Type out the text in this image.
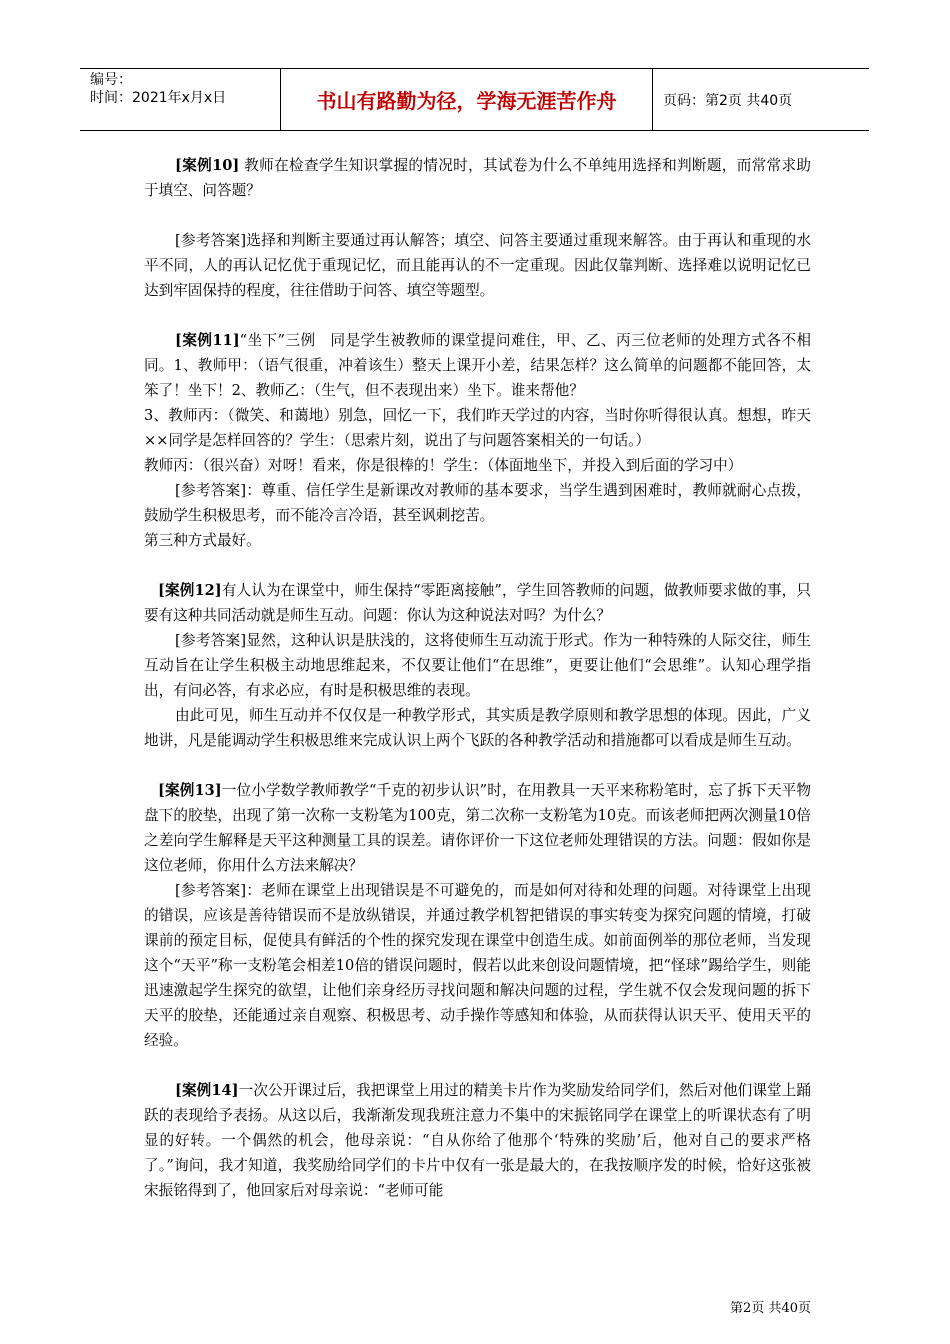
编号：
时间：2021年x月x日	书山有路勤为径，学海无涯苦作舟	页码：第2页 共40页

[案例10] 教师在检查学生知识掌握的情况时，其试卷为什么不单纯用选择和判断题，而常常求助于填空、问答题？

[参考答案]选择和判断主要通过再认解答；填空、问答主要通过重现来解答。由于再认和重现的水平不同，人的再认记忆优于重现记忆，而且能再认的不一定重现。因此仅靠判断、选择难以说明记忆已达到牢固保持的程度，往往借助于问答、填空等题型。

[案例11]“坐下”三例　同是学生被教师的课堂提问难住，甲、乙、丙三位老师的处理方式各不相同。1、教师甲：（语气很重，冲着该生）整天上课开小差，结果怎样？这么简单的问题都不能回答，太笨了！坐下！2、教师乙：（生气，但不表现出来）坐下。谁来帮他？

3、教师丙：（微笑、和蔼地）别急，回忆一下，我们昨天学过的内容，当时你听得很认真。想想，昨天××同学是怎样回答的？学生：（思索片刻，说出了与问题答案相关的一句话。）

教师丙：（很兴奋）对呀！看来，你是很棒的！学生：（体面地坐下，并投入到后面的学习中）

[参考答案]：尊重、信任学生是新课改对教师的基本要求，当学生遇到困难时，教师就耐心点拨，鼓励学生积极思考，而不能冷言冷语，甚至讽刺挖苦。

第三种方式最好。

[案例12]有人认为在课堂中，师生保持“零距离接触”，学生回答教师的问题，做教师要求做的事，只要有这种共同活动就是师生互动。问题：你认为这种说法对吗？为什么？

[参考答案]显然，这种认识是肤浅的，这将使师生互动流于形式。作为一种特殊的人际交往，师生互动旨在让学生积极主动地思维起来，不仅要让他们“在思维”，更要让他们“会思维”。认知心理学指出，有问必答，有求必应，有时是积极思维的表现。

由此可见，师生互动并不仅仅是一种教学形式，其实质是教学原则和教学思想的体现。因此，广义地讲，凡是能调动学生积极思维来完成认识上两个飞跃的各种教学活动和措施都可以看成是师生互动。

[案例13]一位小学数学教师教学“千克的初步认识”时，在用教具一天平来称粉笔时，忘了拆下天平物盘下的胶垫，出现了第一次称一支粉笔为100克，第二次称一支粉笔为10克。而该老师把两次测量10倍之差向学生解释是天平这种测量工具的误差。请你评价一下这位老师处理错误的方法。问题：假如你是这位老师，你用什么方法来解决？

[参考答案]：老师在课堂上出现错误是不可避免的，而是如何对待和处理的问题。对待课堂上出现的错误，应该是善待错误而不是放纵错误，并通过教学机智把错误的事实转变为探究问题的情境，打破课前的预定目标，促使具有鲜活的个性的探究发现在课堂中创造生成。如前面例举的那位老师，当发现这个“天平”称一支粉笔会相差10倍的错误问题时，假若以此来创设问题情境，把“怪球”踢给学生，则能迅速激起学生探究的欲望，让他们亲身经历寻找问题和解决问题的过程，学生就不仅会发现问题的拆下天平的胶垫，还能通过亲自观察、积极思考、动手操作等感知和体验，从而获得认识天平、使用天平的经验。

[案例14]一次公开课过后，我把课堂上用过的精美卡片作为奖励发给同学们，然后对他们课堂上踊跃的表现给予表扬。从这以后，我渐渐发现我班注意力不集中的宋振铭同学在课堂上的听课状态有了明显的好转。一个偶然的机会，他母亲说：“自从你给了他那个‘特殊的奖励’后，他对自己的要求严格了。”询问，我才知道，我奖励给同学们的卡片中仅有一张是最大的，在我按顺序发的时候，恰好这张被宋振铭得到了，他回家后对母亲说：“老师可能

第2页 共40页
